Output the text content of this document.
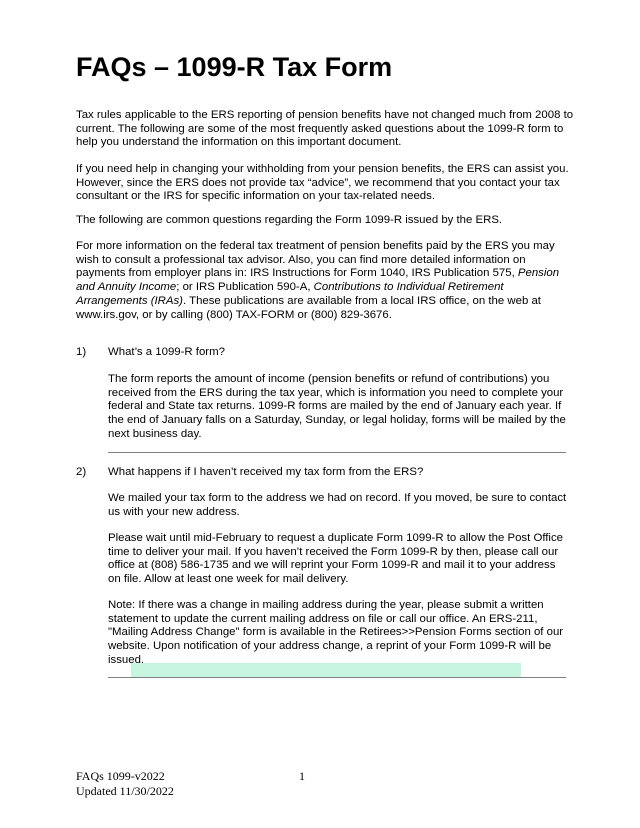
FAQs – 1099-R Tax Form

Tax rules applicable to the ERS reporting of pension benefits have not changed much from 2008 to current. The following are some of the most frequently asked questions about the 1099-R form to help you understand the information on this important document.

If you need help in changing your withholding from your pension benefits, the ERS can assist you. However, since the ERS does not provide tax “advice”, we recommend that you contact your tax consultant or the IRS for specific information on your tax-related needs.

The following are common questions regarding the Form 1099-R issued by the ERS.

For more information on the federal tax treatment of pension benefits paid by the ERS you may wish to consult a professional tax advisor. Also, you can find more detailed information on payments from employer plans in: IRS Instructions for Form 1040, IRS Publication 575, Pension and Annuity Income; or IRS Publication 590-A, Contributions to Individual Retirement Arrangements (IRAs). These publications are available from a local IRS office, on the web at www.irs.gov, or by calling (800) TAX-FORM or (800) 829-3676.

1) What’s a 1099-R form?

The form reports the amount of income (pension benefits or refund of contributions) you received from the ERS during the tax year, which is information you need to complete your federal and State tax returns. 1099-R forms are mailed by the end of January each year. If the end of January falls on a Saturday, Sunday, or legal holiday, forms will be mailed by the next business day.

2) What happens if I haven’t received my tax form from the ERS?

We mailed your tax form to the address we had on record. If you moved, be sure to contact us with your new address.

Please wait until mid-February to request a duplicate Form 1099-R to allow the Post Office time to deliver your mail. If you haven’t received the Form 1099-R by then, please call our office at (808) 586-1735 and we will reprint your Form 1099-R and mail it to your address on file. Allow at least one week for mail delivery.

Note: If there was a change in mailing address during the year, please submit a written statement to update the current mailing address on file or call our office. An ERS-211, "Mailing Address Change" form is available in the Retirees>>Pension Forms section of our website. Upon notification of your address change, a reprint of your Form 1099-R will be issued.

FAQs 1099-v2022	1
Updated 11/30/2022
